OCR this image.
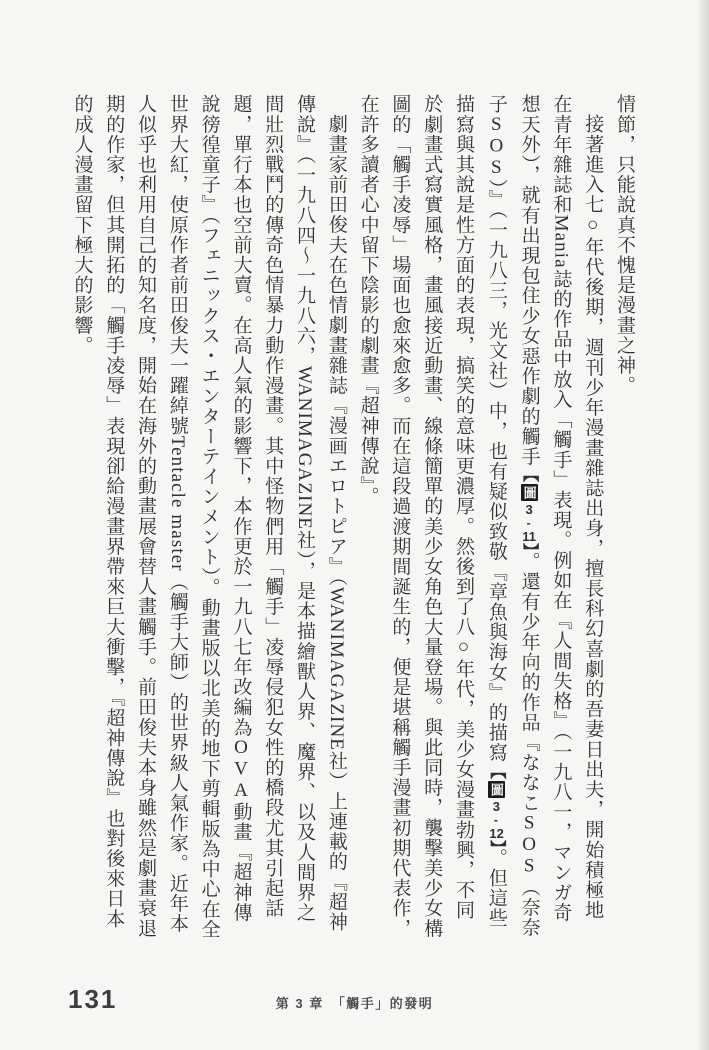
情節，只能說真不愧是漫畫之神。

接著進入七○年代後期，週刊少年漫畫雜誌出身，擅長科幻喜劇的吾妻日出夫，開始積極地在青年雜誌和Mania誌的作品中放入「觸手」表現。例如在『人間失格』（一九八一，マンガ奇想天外），就有出現包住少女惡作劇的觸手【圖3-11】。還有少年向的作品『ななこSOS（奈奈子SOS）』（一九八三，光文社）中，也有疑似致敬『章魚與海女』的描寫【圖3-12】。但這些描寫與其說是性方面的表現，搞笑的意味更濃厚。然後到了八○年代，美少女漫畫勃興，不同於劇畫式寫實風格，畫風接近動畫、線條簡單的美少女角色大量登場。與此同時，襲擊美少女構圖的「觸手凌辱」場面也愈來愈多。而在這段過渡期間誕生的，便是堪稱觸手漫畫初期代表作，在許多讀者心中留下陰影的劇畫『超神傳說』。

劇畫家前田俊夫在色情劇畫雜誌『漫画エロトピア』（WANIMAGAZINE社）上連載的『超神傳說』（一九八四～一九八六，WANIMAGAZINE社），是本描繪獸人界、魔界、以及人間界之間壯烈戰鬥的傳奇色情暴力動作漫畫。其中怪物們用「觸手」凌辱侵犯女性的橋段尤其引起話題，單行本也空前大賣。在高人氣的影響下，本作更於一九八七年改編為OVA動畫『超神傳說徬徨童子』（フェニックス・エンターテインメント）。動畫版以北美的地下剪輯版為中心在全世界大紅，使原作者前田俊夫一躍綽號Tentacle master（觸手大師）的世界級人氣作家。近年本人似乎也利用自己的知名度，開始在海外的動畫展會替人畫觸手。前田俊夫本身雖然是劇畫衰退期的作家，但其開拓的「觸手凌辱」表現卻給漫畫界帶來巨大衝擊，『超神傳說』也對後來日本的成人漫畫留下極大的影響。

131	第 3 章　「觸手」的發明
